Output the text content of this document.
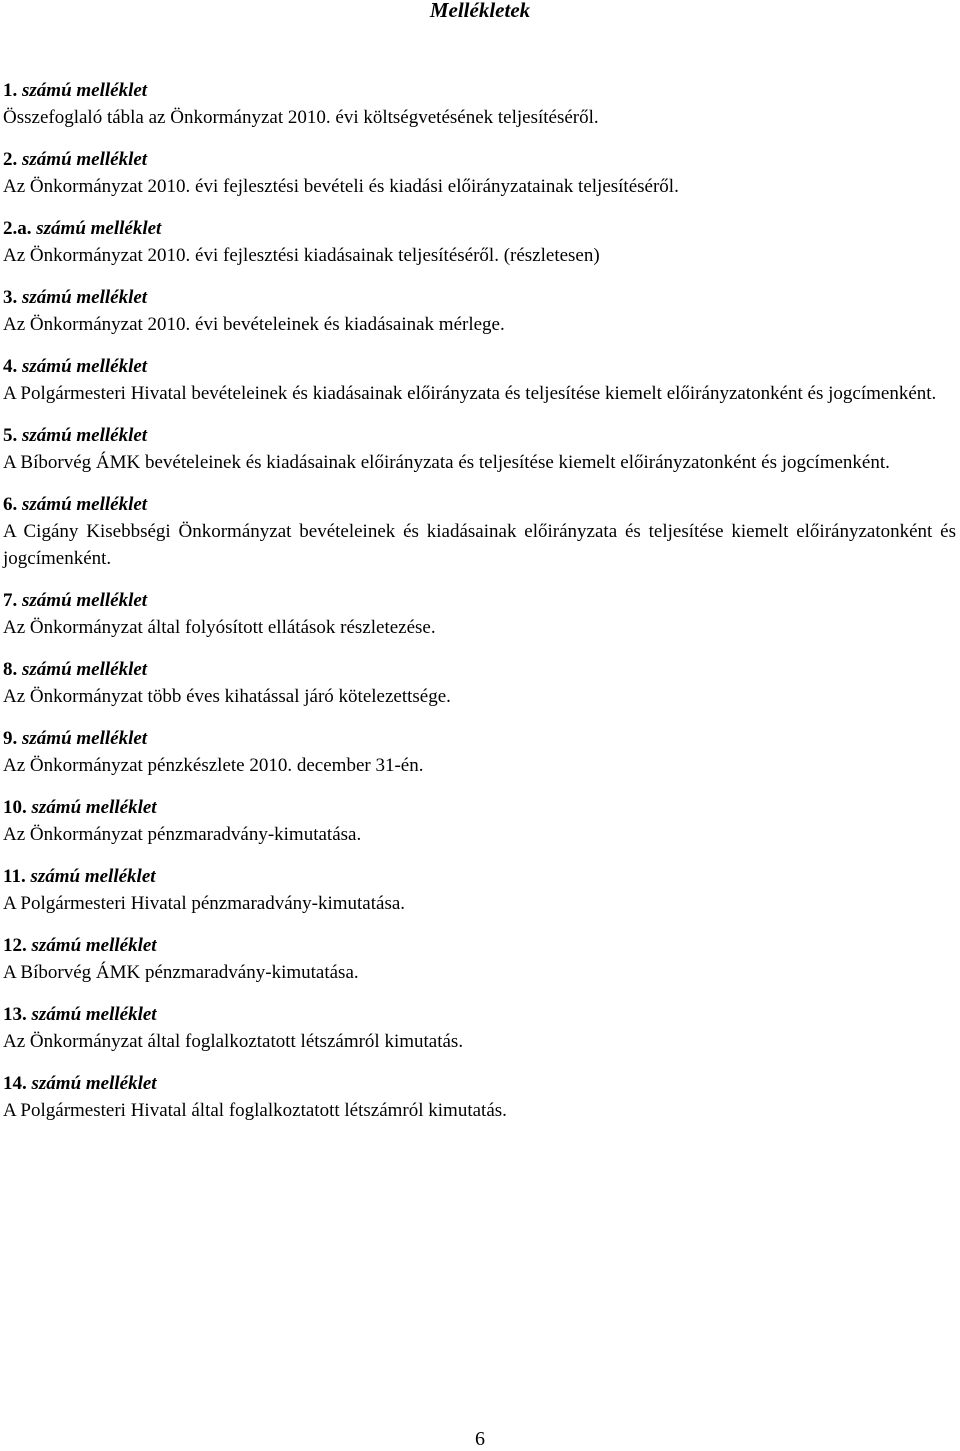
Mellékletek
1. számú melléklet
Összefoglaló tábla az Önkormányzat 2010. évi költségvetésének teljesítéséről.
2. számú melléklet
Az Önkormányzat 2010. évi fejlesztési bevételi és kiadási előirányzatainak teljesítéséről.
2.a. számú melléklet
Az Önkormányzat 2010. évi fejlesztési kiadásainak teljesítéséről. (részletesen)
3. számú melléklet
Az Önkormányzat 2010. évi bevételeinek és kiadásainak mérlege.
4. számú melléklet
A Polgármesteri Hivatal bevételeinek és kiadásainak előirányzata és teljesítése kiemelt előirányzatonként és jogcímenként.
5. számú melléklet
A Bíborvég ÁMK bevételeinek és kiadásainak előirányzata és teljesítése kiemelt előirányzatonként és jogcímenként.
6. számú melléklet
A Cigány Kisebbségi Önkormányzat bevételeinek és kiadásainak előirányzata és teljesítése kiemelt előirányzatonként és jogcímenként.
7. számú melléklet
Az Önkormányzat által folyósított ellátások részletezése.
8. számú melléklet
Az Önkormányzat több éves kihatással járó kötelezettsége.
9. számú melléklet
Az Önkormányzat pénzkészlete 2010. december 31-én.
10. számú melléklet
Az Önkormányzat pénzmaradvány-kimutatása.
11. számú melléklet
A Polgármesteri Hivatal pénzmaradvány-kimutatása.
12. számú melléklet
A Bíborvég ÁMK pénzmaradvány-kimutatása.
13. számú melléklet
Az Önkormányzat által foglalkoztatott létszámról kimutatás.
14. számú melléklet
A Polgármesteri Hivatal által foglalkoztatott létszámról kimutatás.
6
